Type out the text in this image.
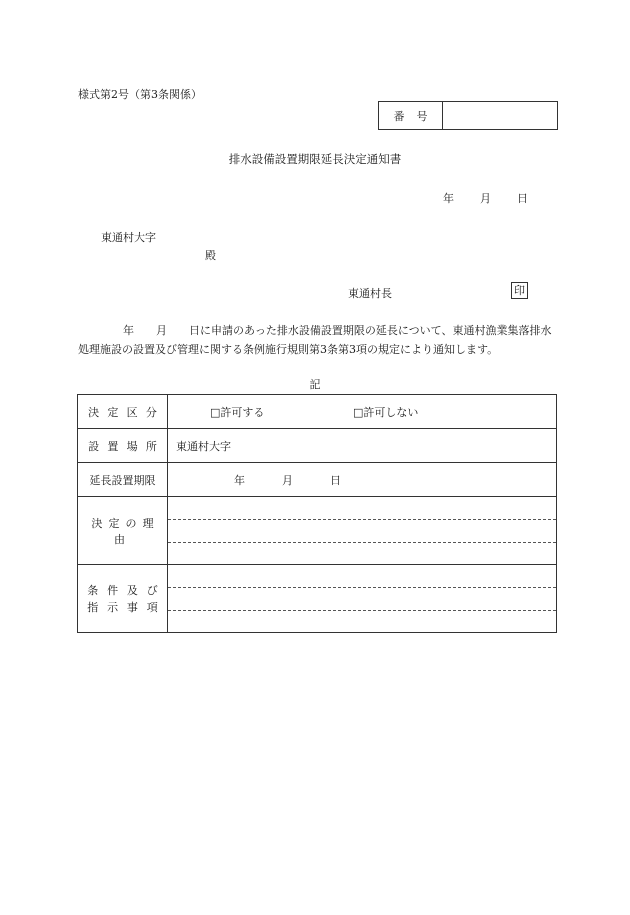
様式第2号（第3条関係）
番号
排水設備設置期限延長決定通知書
年 月 日
東通村大字
殿
東通村長	印
年　　月　　日に申請のあった排水設備設置期限の延長について、東通村漁業集落排水処理施設の設置及び管理に関する条例施行規則第3条第3項の規定により通知します。
記
決定区分	□許可する □許可しない

設置場所	東通村大字
延長設置期限	年 月 日

決定の理由	

条件及び
指示事項	
